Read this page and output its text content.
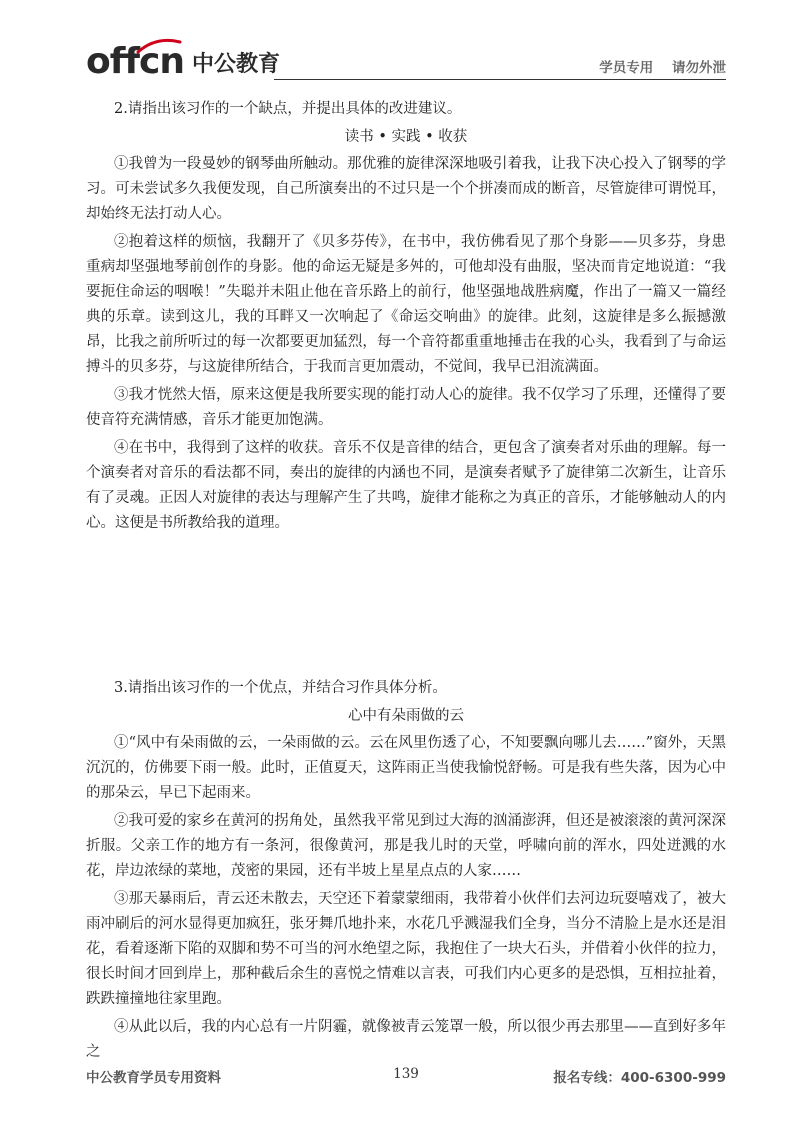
offcn 中公教育	学员专用 请勿外泄

2.请指出该习作的一个缺点，并提出具体的改进建议。

读书 • 实践 • 收获

①我曾为一段曼妙的钢琴曲所触动。那优雅的旋律深深地吸引着我，让我下决心投入了钢琴的学习。可未尝试多久我便发现，自己所演奏出的不过只是一个个拼凑而成的断音，尽管旋律可谓悦耳，却始终无法打动人心。

②抱着这样的烦恼，我翻开了《贝多芬传》，在书中，我仿佛看见了那个身影——贝多芬，身患重病却坚强地琴前创作的身影。他的命运无疑是多舛的，可他却没有曲服，坚决而肯定地说道：“我要扼住命运的咽喉！”失聪并未阻止他在音乐路上的前行，他坚强地战胜病魔，作出了一篇又一篇经典的乐章。读到这儿，我的耳畔又一次响起了《命运交响曲》的旋律。此刻，这旋律是多么振撼激昂，比我之前所听过的每一次都要更加猛烈，每一个音符都重重地捶击在我的心头，我看到了与命运搏斗的贝多芬，与这旋律所结合，于我而言更加震动，不觉间，我早已泪流满面。

③我才恍然大悟，原来这便是我所要实现的能打动人心的旋律。我不仅学习了乐理，还懂得了要使音符充满情感，音乐才能更加饱满。

④在书中，我得到了这样的收获。音乐不仅是音律的结合，更包含了演奏者对乐曲的理解。每一个演奏者对音乐的看法都不同，奏出的旋律的内涵也不同，是演奏者赋予了旋律第二次新生，让音乐有了灵魂。正因人对旋律的表达与理解产生了共鸣，旋律才能称之为真正的音乐，才能够触动人的内心。这便是书所教给我的道理。

3.请指出该习作的一个优点，并结合习作具体分析。

心中有朵雨做的云

①“风中有朵雨做的云，一朵雨做的云。云在风里伤透了心，不知要飘向哪儿去……”窗外，天黑沉沉的，仿佛要下雨一般。此时，正值夏天，这阵雨正当使我愉悦舒畅。可是我有些失落，因为心中的那朵云，早已下起雨来。

②我可爱的家乡在黄河的拐角处，虽然我平常见到过大海的汹涌澎湃，但还是被滚滚的黄河深深折服。父亲工作的地方有一条河，很像黄河，那是我儿时的天堂，呼啸向前的浑水，四处迸溅的水花，岸边浓绿的菜地，茂密的果园，还有半坡上星星点点的人家……

③那天暴雨后，青云还未散去，天空还下着蒙蒙细雨，我带着小伙伴们去河边玩耍嘻戏了，被大雨冲刷后的河水显得更加疯狂，张牙舞爪地扑来，水花几乎溅湿我们全身，当分不清脸上是水还是泪花，看着逐渐下陷的双脚和势不可当的河水绝望之际，我抱住了一块大石头，并借着小伙伴的拉力，很长时间才回到岸上，那种截后余生的喜悦之情难以言表，可我们内心更多的是恐惧，互相拉扯着，跌跌撞撞地往家里跑。

④从此以后，我的内心总有一片阴霾，就像被青云笼罩一般，所以很少再去那里——直到好多年之

中公教育学员专用资料	139	报名专线：400-6300-999
